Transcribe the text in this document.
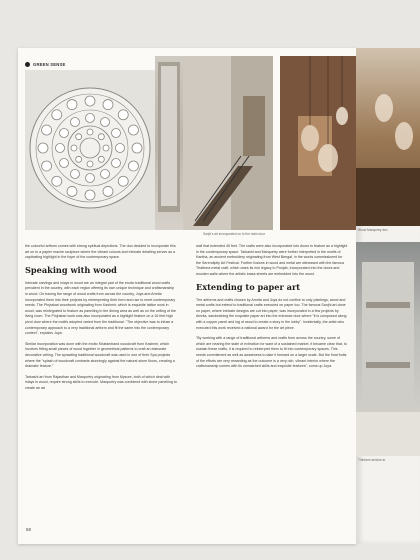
GREEN SENSE
Sanjh's art incorporated on to the main door

the colourful artform comes with strong spiritual depictions. The duo decided to incorporate this art on to a papier mache sculpture where the vibrant colours and intricate detailing serves as a captivating highlight in the foyer of the contemporary space.

Speaking with wood

Intricate carvings and inlays in wood are an integral part of the exotic traditional wood crafts prevalent in the country, with each region offering its own unique technique and craftsmanship in wood. On tracing the range of wood crafts from across the country, Joya and Amrita incorporated them into their projects by reinterpreting their form and use to meet contemporary needs. The Pinjrakari woodwork originating from Kashmir, which is exquisite lattice work in wood, was reintegrated to feature as panelling in the dining area as well as on the ceiling of the living room. The Pinjrakari work was also incorporated as a highlight feature on a 16 feet high pivot door where the motifs adopted varied from the traditional. "The objective was to infuse a contemporary approach to a very traditional artform and fit the same into the contemporary context", explains Joya.

Similar incorporation was done with the exotic Khatamband woodcraft from Kashmir, which involves fitting small pieces of wood together in geometrical patterns to craft an elaborate decorative ceiling. The sprawling traditional woodcraft was used in one of their Spa projects where the "splash of woodcraft contrasts stunningly against the natural stone floors, creating a dramatic feature."

Tarkashi art from Rajasthan and Marquetry originating from Mysore, both of which deal with inlays in wood, require strong skills to execute. Marquetry was combined with stone panelling to create an art

wall that extended 45 feet. The crafts were also incorporated into doors to feature as a highlight in the contemporary space. Tarkashi and Marquetry were further interpreted in the motifs of Kantha, an ancient embroidery originating from West Bengal, in the works commissioned for the Serendipity Art Festival. Further fusions in wood and metal are witnessed with the famous Thathera metal craft, which owes its rich legacy to Punjab, incorporated into the doors and wooden walls where the artistic brass sheets are embedded into the wood.

Extending to paper art

The artforms and crafts chosen by Amrita and Joya do not confine to only paintings, wood and metal crafts but extend to traditional crafts executed on paper too. The famous Sanjhi art done on paper, where intricate designs are cut into paper, was incorporated in a few projects by Amrita, sandwiching the exquisite paper art into the entrance door where "it is composed along with a copper panel and log of wood to create a story in the lobby". Incidentally, the artist who executed this work received a national award for the art piece.

"By working with a range of traditional artforms and crafts from across the country, some of which are nearing the state of extinction for want of a sustained market, it became clear that, to sustain these crafts, it is required to reinterpret them to fit into contemporary spaces. This needs commitment as well as awareness to take it forward on a larger scale. But the final fruits of the efforts are very rewarding as the outcome is a very rich, vibrant interior where the craftsmanship comes with its unmatched skills and exquisite features", sums up Joya.

58
Wood Marquetry dec
Thinfarm service ar
